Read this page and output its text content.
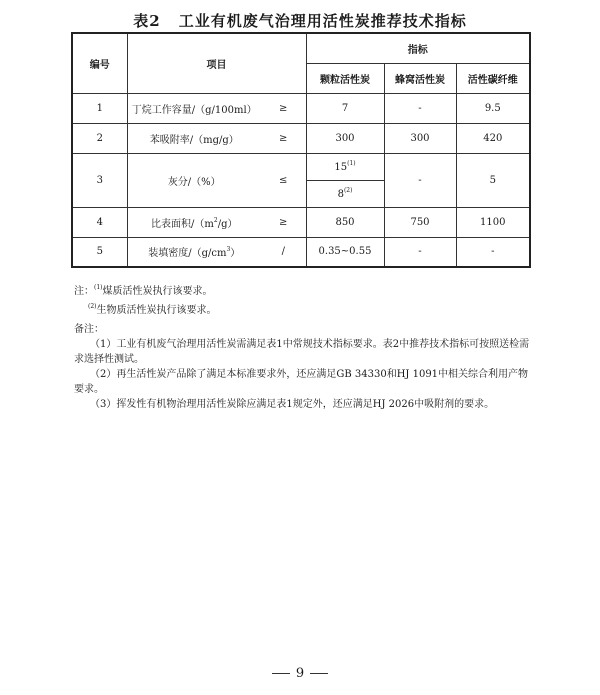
表2 工业有机废气治理用活性炭推荐技术指标
编号	项目		指标		
			颗粒活性炭	蜂窝活性炭	活性碳纤维
1	丁烷工作容量/（g/100ml）	≥	7	-	9.5
2	苯吸附率/（mg/g）	≥	300	300	420
3	灰分/（%）	≤	$15^{(1)}$	-	5
			8$^{(2)}$
4	比表面积$/(m^2/g)$	≥	850	750	1100
5	装填密度$/(g/cm^3)$	/	0.35~0.55	-	-
注：$^{(1)}$煤质活性炭执行该要求。
$^{(2)}$生物质活性炭执行该要求。

备注：

（1）工业有机废气治理用活性炭需满足表1中常规技术指标要求。表2中推荐技术指标可按照送检需求选择性测试。

（2）再生活性炭产品除了满足本标准要求外，还应满足GB 34330和HJ 1091中相关综合利用产物要求。

（3）挥发性有机物治理用活性炭除应满足表1规定外，还应满足HJ 2026中吸附剂的要求。

9
